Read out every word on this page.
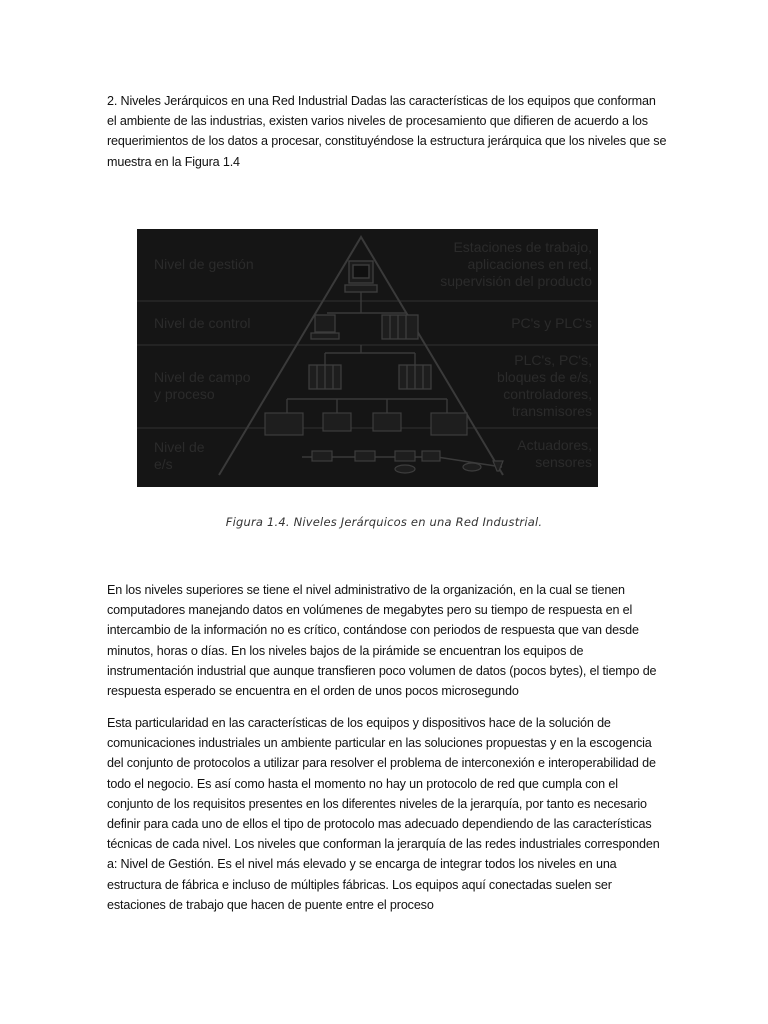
2. Niveles Jerárquicos en una Red Industrial Dadas las características de los equipos que conforman el ambiente de las industrias, existen varios niveles de procesamiento que difieren de acuerdo a los requerimientos de los datos a procesar, constituyéndose la estructura jerárquica que los niveles que se muestra en la Figura 1.4

Nivel de gestión
Nivel de control
Nivel de campo
y proceso
Nivel de
e/s
Estaciones de trabajo,
aplicaciones en red,
supervisión del producto
PC's y PLC's
PLC's, PC's,
bloques de e/s,
controladores,
transmisores
Actuadores,
sensores
Figura 1.4. Niveles Jerárquicos en una Red Industrial.

En los niveles superiores se tiene el nivel administrativo de la organización, en la cual se tienen computadores manejando datos en volúmenes de megabytes pero su tiempo de respuesta en el intercambio de la información no es crítico, contándose con periodos de respuesta que van desde minutos, horas o días. En los niveles bajos de la pirámide se encuentran los equipos de instrumentación industrial que aunque transfieren poco volumen de datos (pocos bytes), el tiempo de respuesta esperado se encuentra en el orden de unos pocos microsegundo

Esta particularidad en las características de los equipos y dispositivos hace de la solución de comunicaciones industriales un ambiente particular en las soluciones propuestas y en la escogencia del conjunto de protocolos a utilizar para resolver el problema de interconexión e interoperabilidad de todo el negocio. Es así como hasta el momento no hay un protocolo de red que cumpla con el conjunto de los requisitos presentes en los diferentes niveles de la jerarquía, por tanto es necesario definir para cada uno de ellos el tipo de protocolo mas adecuado dependiendo de las características técnicas de cada nivel. Los niveles que conforman la jerarquía de las redes industriales corresponden a: Nivel de Gestión. Es el nivel más elevado y se encarga de integrar todos los niveles en una estructura de fábrica e incluso de múltiples fábricas. Los equipos aquí conectadas suelen ser estaciones de trabajo que hacen de puente entre el proceso
